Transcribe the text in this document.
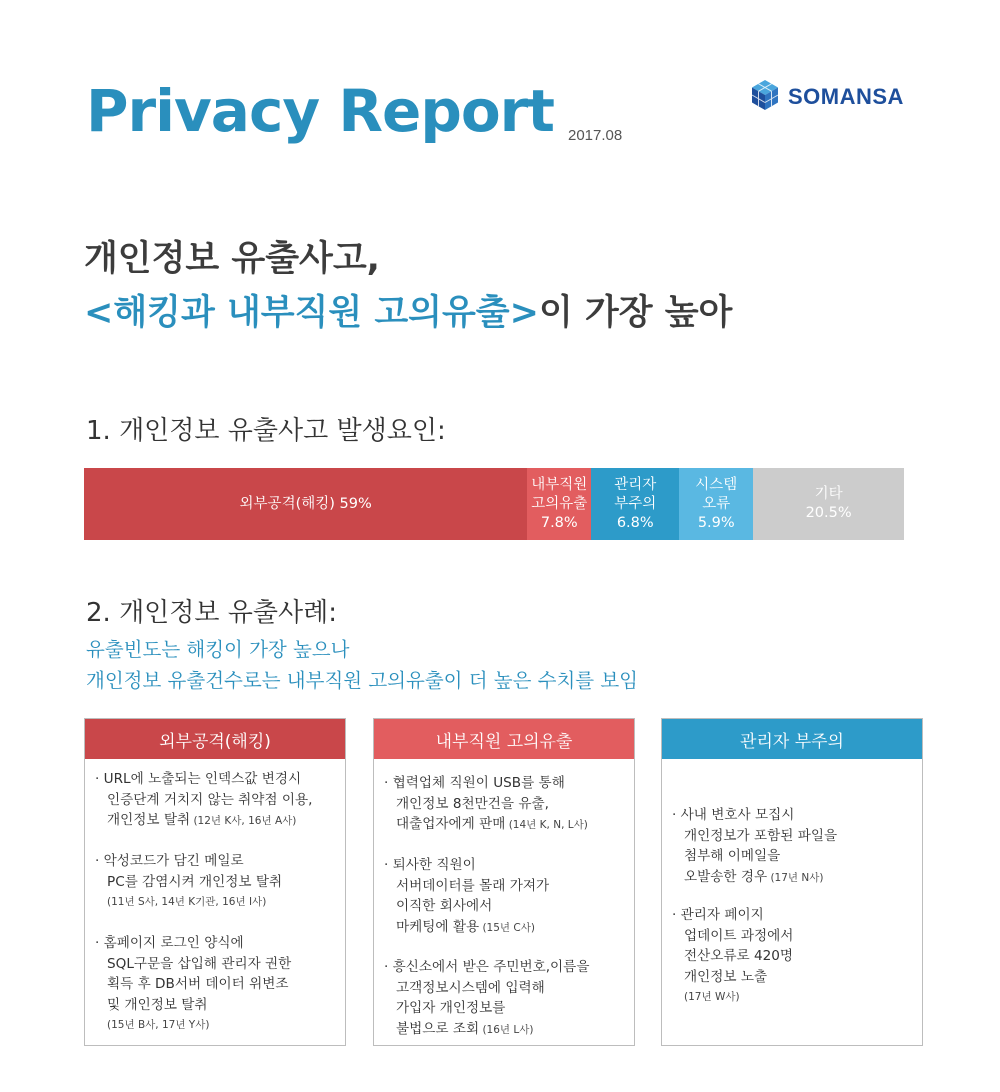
Privacy Report 2017.08
SOMANSA
개인정보 유출사고,
<해킹과 내부직원 고의유출>이 가장 높아
1. 개인정보 유출사고 발생요인:
외부공격(해킹) 59%
내부직원 고의유출 7.8%
관리자
부주의
6.8%
시스템
오류
5.9%
기타
20.5%
2. 개인정보 유출사례:
유출빈도는 해킹이 가장 높으나
개인정보 유출건수로는 내부직원 고의유출이 더 높은 수치를 보임
외부공격(해킹)
· URL에 노출되는 인덱스값 변경시
인증단계 거치지 않는 취약점 이용,
개인정보 탈취 (12년 K사, 16년 A사)
· 악성코드가 담긴 메일로
PC를 감염시켜 개인정보 탈취
(11년 S사, 14년 K기관, 16년 I사)
· 홈페이지 로그인 양식에
SQL구문을 삽입해 관리자 권한
획득 후 DB서버 데이터 위변조
및 개인정보 탈취
(15년 B사, 17년 Y사)
내부직원 고의유출
· 협력업체 직원이 USB를 통해
개인정보 8천만건을 유출,
대출업자에게 판매 (14년 K, N, L사)
· 퇴사한 직원이
서버데이터를 몰래 가져가
이직한 회사에서
마케팅에 활용 (15년 C사)
· 흥신소에서 받은 주민번호,이름을
고객정보시스템에 입력해
가입자 개인정보를
불법으로 조회 (16년 L사)
관리자 부주의
· 사내 변호사 모집시
개인정보가 포함된 파일을
첨부해 이메일을
오발송한 경우 (17년 N사)
· 관리자 페이지
업데이트 과정에서
전산오류로 420명
개인정보 노출
(17년 W사)
